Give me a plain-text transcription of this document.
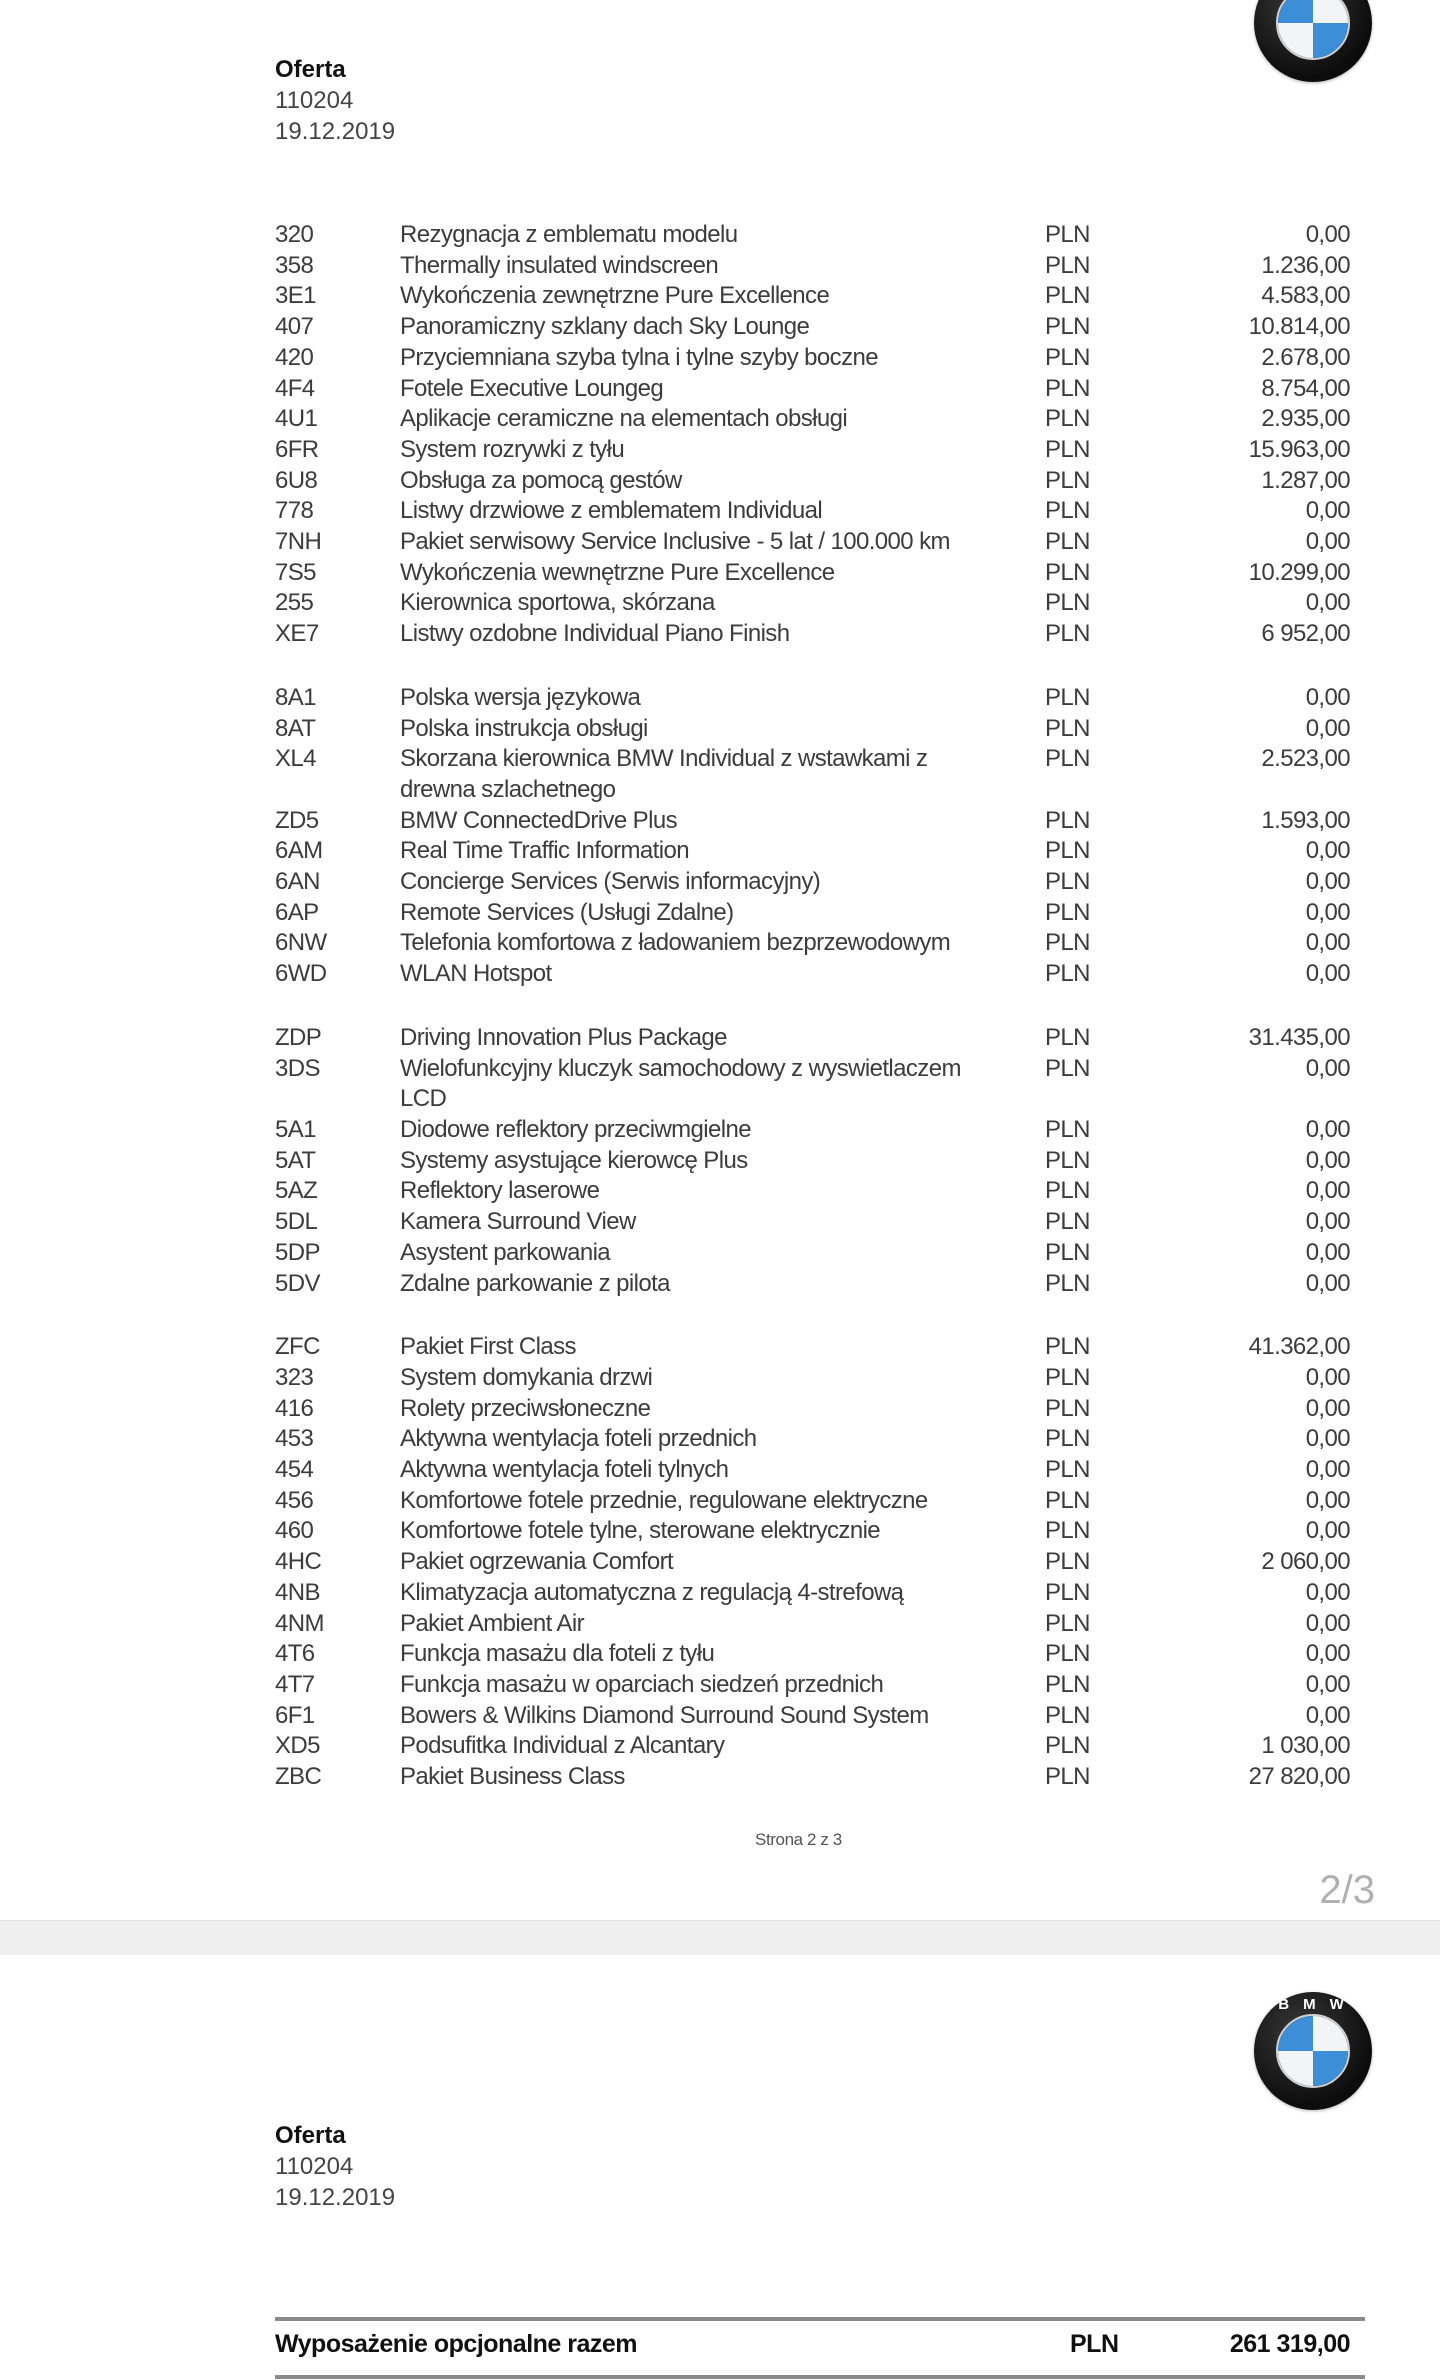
Oferta
110204
19.12.2019
320	Rezygnacja z emblematu modelu	PLN	0,00
358	Thermally insulated windscreen	PLN	1.236,00
3E1	Wykończenia zewnętrzne Pure Excellence	PLN	4.583,00
407	Panoramiczny szklany dach Sky Lounge	PLN	10.814,00
420	Przyciemniana szyba tylna i tylne szyby boczne	PLN	2.678,00
4F4	Fotele Executive Loungeg	PLN	8.754,00
4U1	Aplikacje ceramiczne na elementach obsługi	PLN	2.935,00
6FR	System rozrywki z tyłu	PLN	15.963,00
6U8	Obsługa za pomocą gestów	PLN	1.287,00
778	Listwy drzwiowe z emblematem Individual	PLN	0,00
7NH	Pakiet serwisowy Service Inclusive - 5 lat / 100.000 km	PLN	0,00
7S5	Wykończenia wewnętrzne Pure Excellence	PLN	10.299,00
255	Kierownica sportowa, skórzana	PLN	0,00
XE7	Listwy ozdobne Individual Piano Finish	PLN	6 952,00
8A1	Polska wersja językowa	PLN	0,00
8AT	Polska instrukcja obsługi	PLN	0,00
XL4	Skorzana kierownica BMW Individual z wstawkami z	PLN	2.523,00
drewna szlachetnego
ZD5	BMW ConnectedDrive Plus	PLN	1.593,00
6AM	Real Time Traffic Information	PLN	0,00
6AN	Concierge Services (Serwis informacyjny)	PLN	0,00
6AP	Remote Services (Usługi Zdalne)	PLN	0,00
6NW	Telefonia komfortowa z ładowaniem bezprzewodowym	PLN	0,00
6WD	WLAN Hotspot	PLN	0,00
ZDP	Driving Innovation Plus Package	PLN	31.435,00
3DS	Wielofunkcyjny kluczyk samochodowy z wyswietlaczem	PLN	0,00
LCD
5A1	Diodowe reflektory przeciwmgielne	PLN	0,00
5AT	Systemy asystujące kierowcę Plus	PLN	0,00
5AZ	Reflektory laserowe	PLN	0,00
5DL	Kamera Surround View	PLN	0,00
5DP	Asystent parkowania	PLN	0,00
5DV	Zdalne parkowanie z pilota	PLN	0,00
ZFC	Pakiet First Class	PLN	41.362,00
323	System domykania drzwi	PLN	0,00
416	Rolety przeciwsłoneczne	PLN	0,00
453	Aktywna wentylacja foteli przednich	PLN	0,00
454	Aktywna wentylacja foteli tylnych	PLN	0,00
456	Komfortowe fotele przednie, regulowane elektryczne	PLN	0,00
460	Komfortowe fotele tylne, sterowane elektrycznie	PLN	0,00
4HC	Pakiet ogrzewania Comfort	PLN	2 060,00
4NB	Klimatyzacja automatyczna z regulacją 4-strefową	PLN	0,00
4NM	Pakiet Ambient Air	PLN	0,00
4T6	Funkcja masażu dla foteli z tyłu	PLN	0,00
4T7	Funkcja masażu w oparciach siedzeń przednich	PLN	0,00
6F1	Bowers & Wilkins Diamond Surround Sound System	PLN	0,00
XD5	Podsufitka Individual z Alcantary	PLN	1 030,00
ZBC	Pakiet Business Class	PLN	27 820,00
Strona 2 z 3
2/3
BMW
Oferta
110204
19.12.2019
Wyposażenie opcjonalne razem	PLN	261 319,00
